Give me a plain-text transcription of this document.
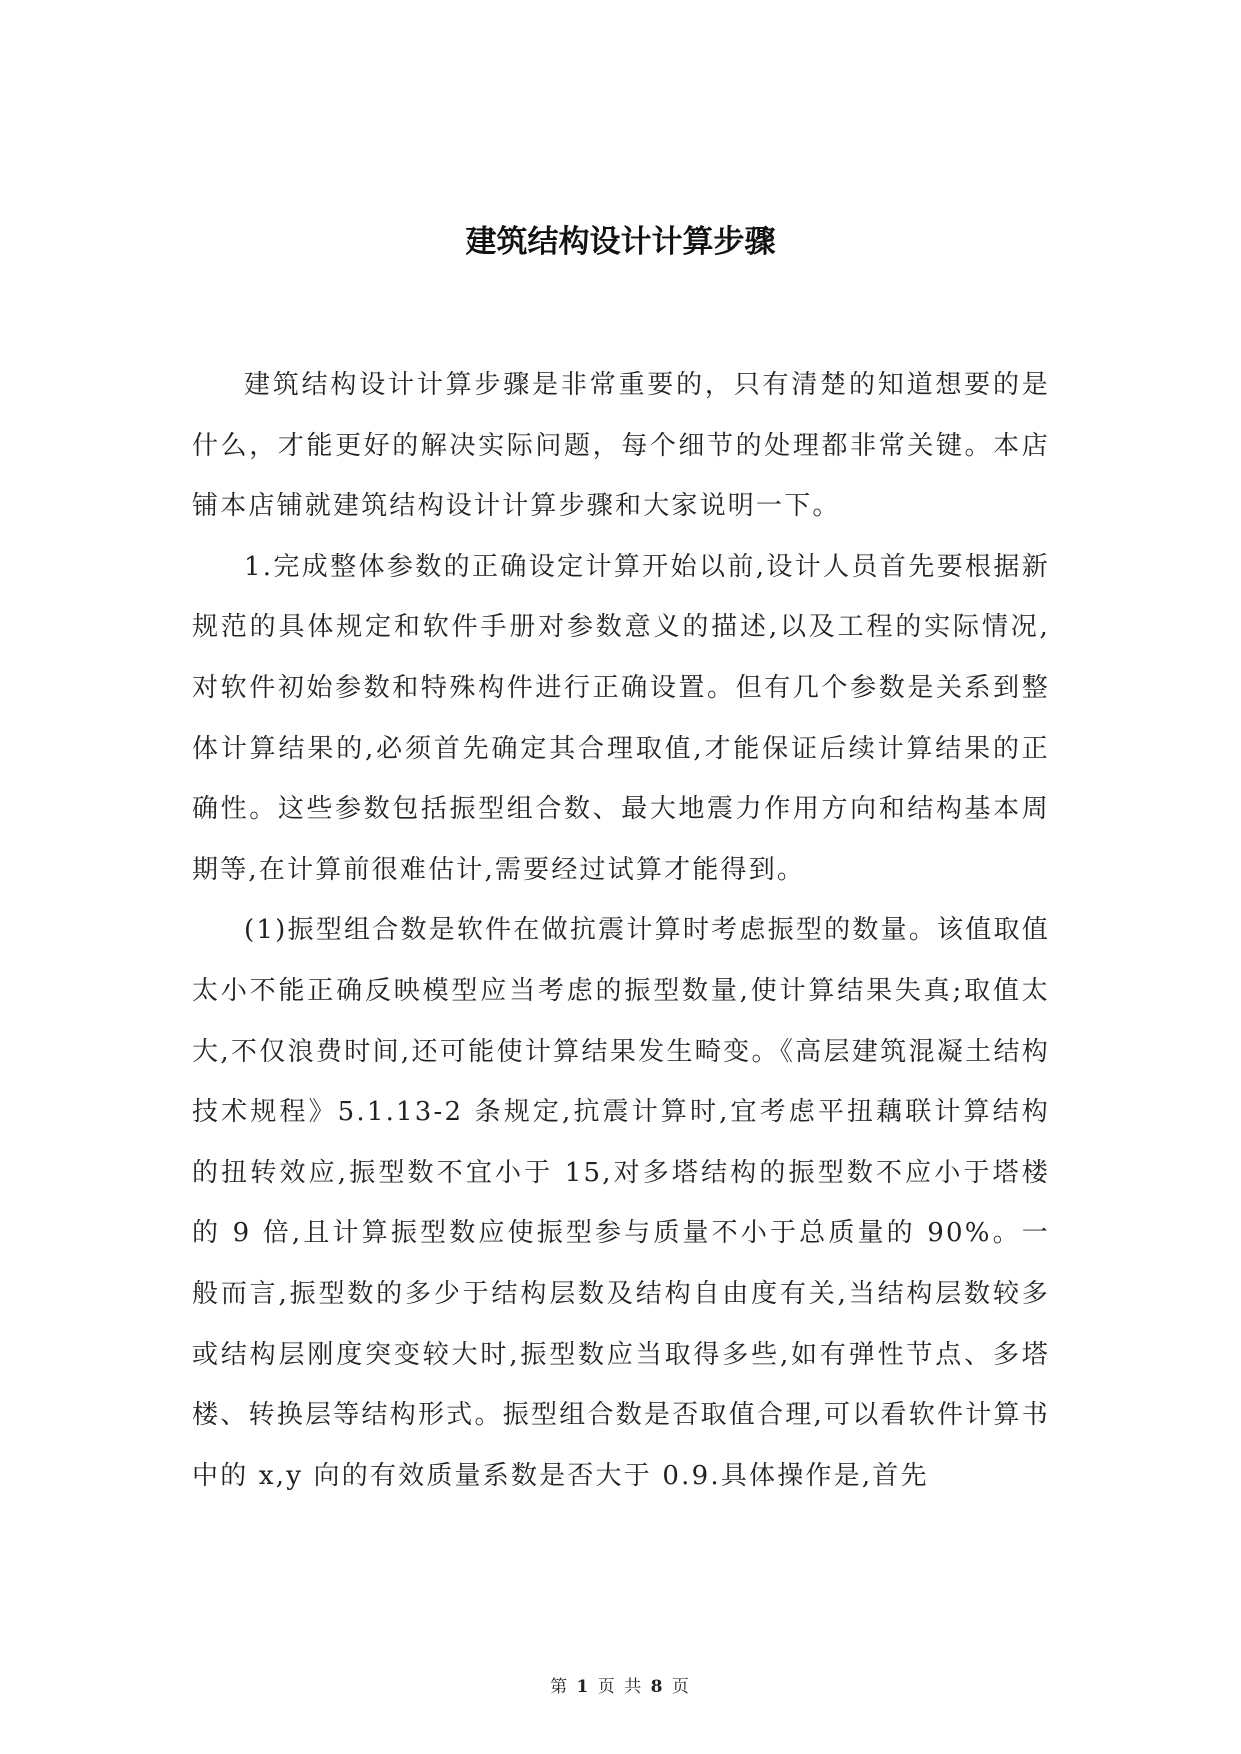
建筑结构设计计算步骤

建筑结构设计计算步骤是非常重要的，只有清楚的知道想要的是什么，才能更好的解决实际问题，每个细节的处理都非常关键。本店铺本店铺就建筑结构设计计算步骤和大家说明一下。

1.完成整体参数的正确设定计算开始以前,设计人员首先要根据新规范的具体规定和软件手册对参数意义的描述,以及工程的实际情况,对软件初始参数和特殊构件进行正确设置。但有几个参数是关系到整体计算结果的,必须首先确定其合理取值,才能保证后续计算结果的正确性。这些参数包括振型组合数、最大地震力作用方向和结构基本周期等,在计算前很难估计,需要经过试算才能得到。

(1)振型组合数是软件在做抗震计算时考虑振型的数量。该值取值太小不能正确反映模型应当考虑的振型数量,使计算结果失真;取值太大,不仅浪费时间,还可能使计算结果发生畸变。《高层建筑混凝土结构技术规程》5.1.13-2 条规定,抗震计算时,宜考虑平扭藕联计算结构的扭转效应,振型数不宜小于 15,对多塔结构的振型数不应小于塔楼的 9 倍,且计算振型数应使振型参与质量不小于总质量的 90%。一般而言,振型数的多少于结构层数及结构自由度有关,当结构层数较多或结构层刚度突变较大时,振型数应当取得多些,如有弹性节点、多塔楼、转换层等结构形式。振型组合数是否取值合理,可以看软件计算书中的 x,y 向的有效质量系数是否大于 0.9.具体操作是,首先

第 1 页 共 8 页
